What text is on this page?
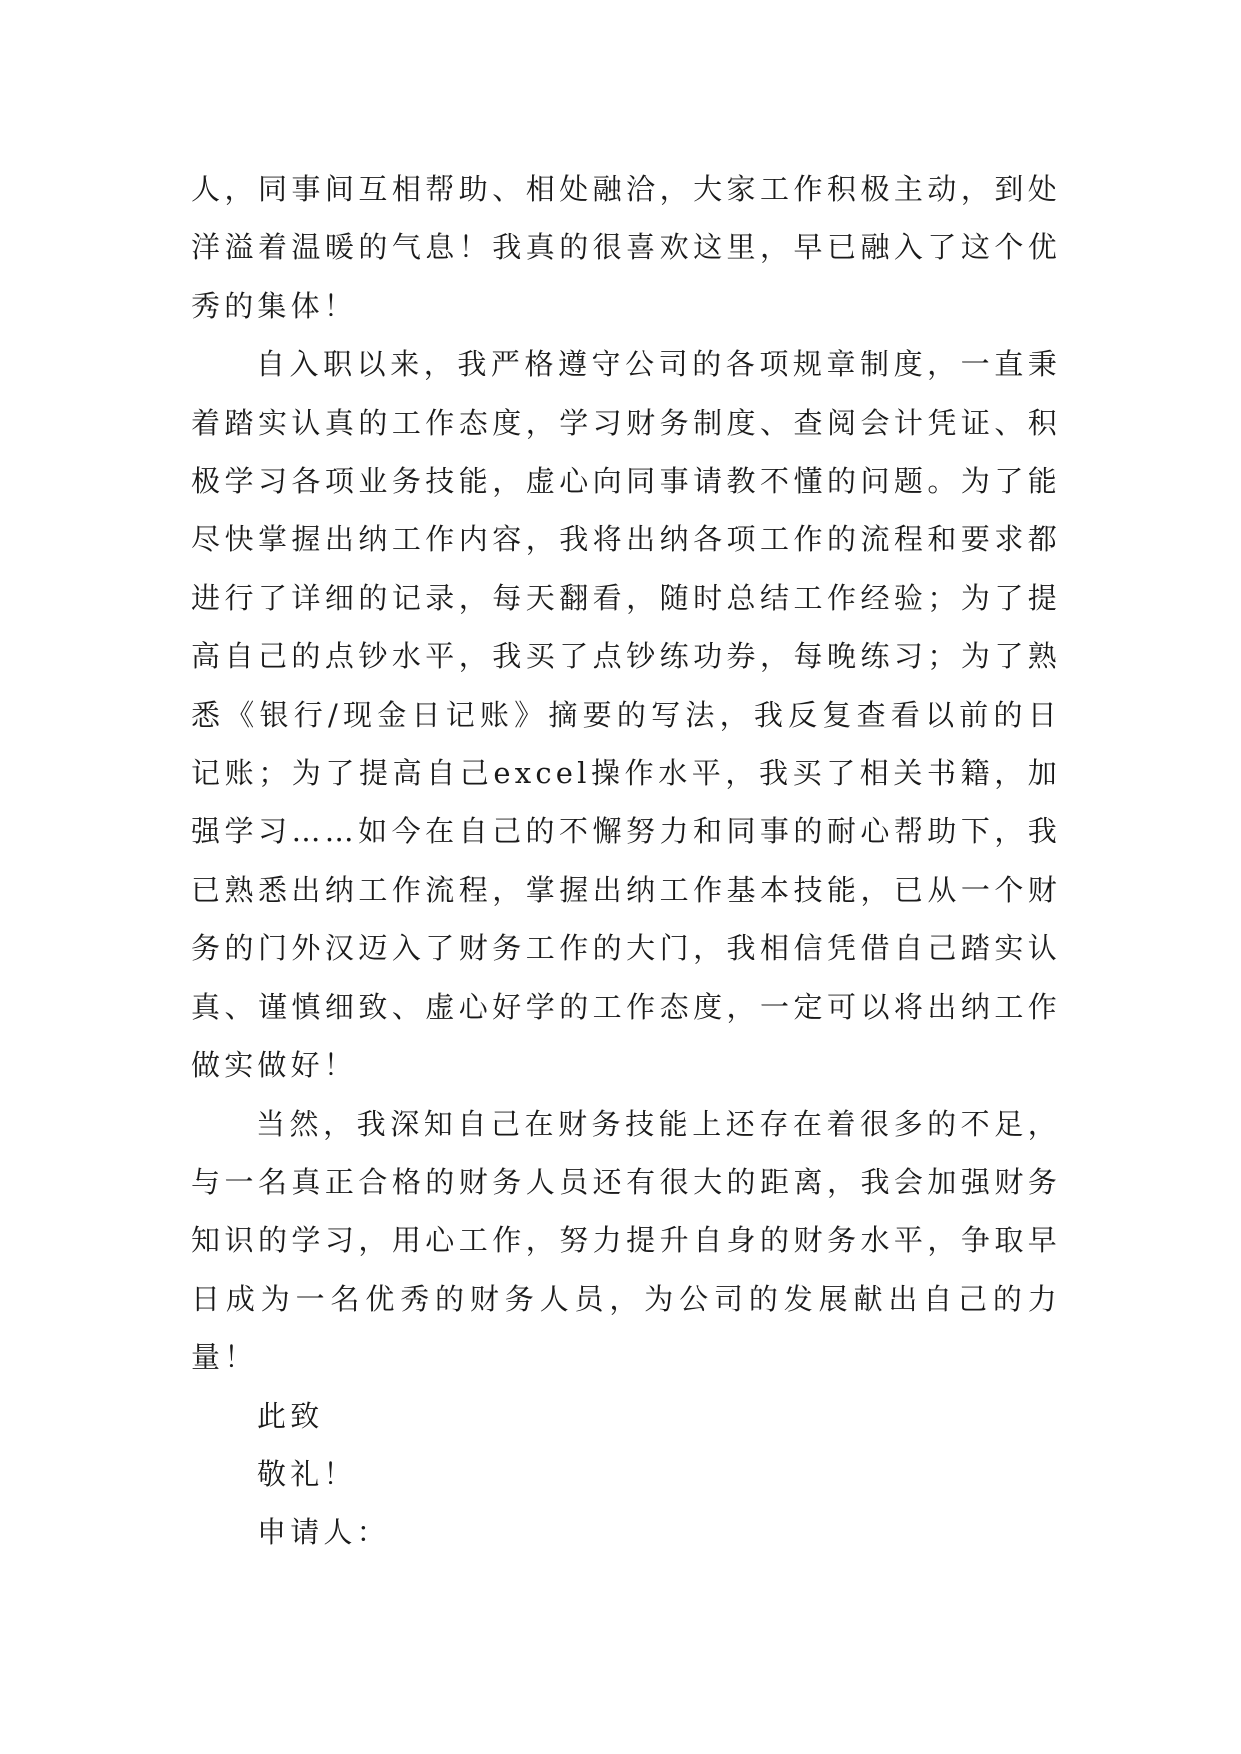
人，同事间互相帮助、相处融洽，大家工作积极主动，到处洋溢着温暖的气息！我真的很喜欢这里，早已融入了这个优秀的集体！

自入职以来，我严格遵守公司的各项规章制度，一直秉着踏实认真的工作态度，学习财务制度、查阅会计凭证、积极学习各项业务技能，虚心向同事请教不懂的问题。为了能尽快掌握出纳工作内容，我将出纳各项工作的流程和要求都进行了详细的记录，每天翻看，随时总结工作经验；为了提高自己的点钞水平，我买了点钞练功券，每晚练习；为了熟悉《银行/现金日记账》摘要的写法，我反复查看以前的日记账；为了提高自己excel操作水平，我买了相关书籍，加强学习……如今在自己的不懈努力和同事的耐心帮助下，我已熟悉出纳工作流程，掌握出纳工作基本技能，已从一个财务的门外汉迈入了财务工作的大门，我相信凭借自己踏实认真、谨慎细致、虚心好学的工作态度，一定可以将出纳工作做实做好！

当然，我深知自己在财务技能上还存在着很多的不足，与一名真正合格的财务人员还有很大的距离，我会加强财务知识的学习，用心工作，努力提升自身的财务水平，争取早日成为一名优秀的财务人员，为公司的发展献出自己的力量！

此致

敬礼！

申请人：
